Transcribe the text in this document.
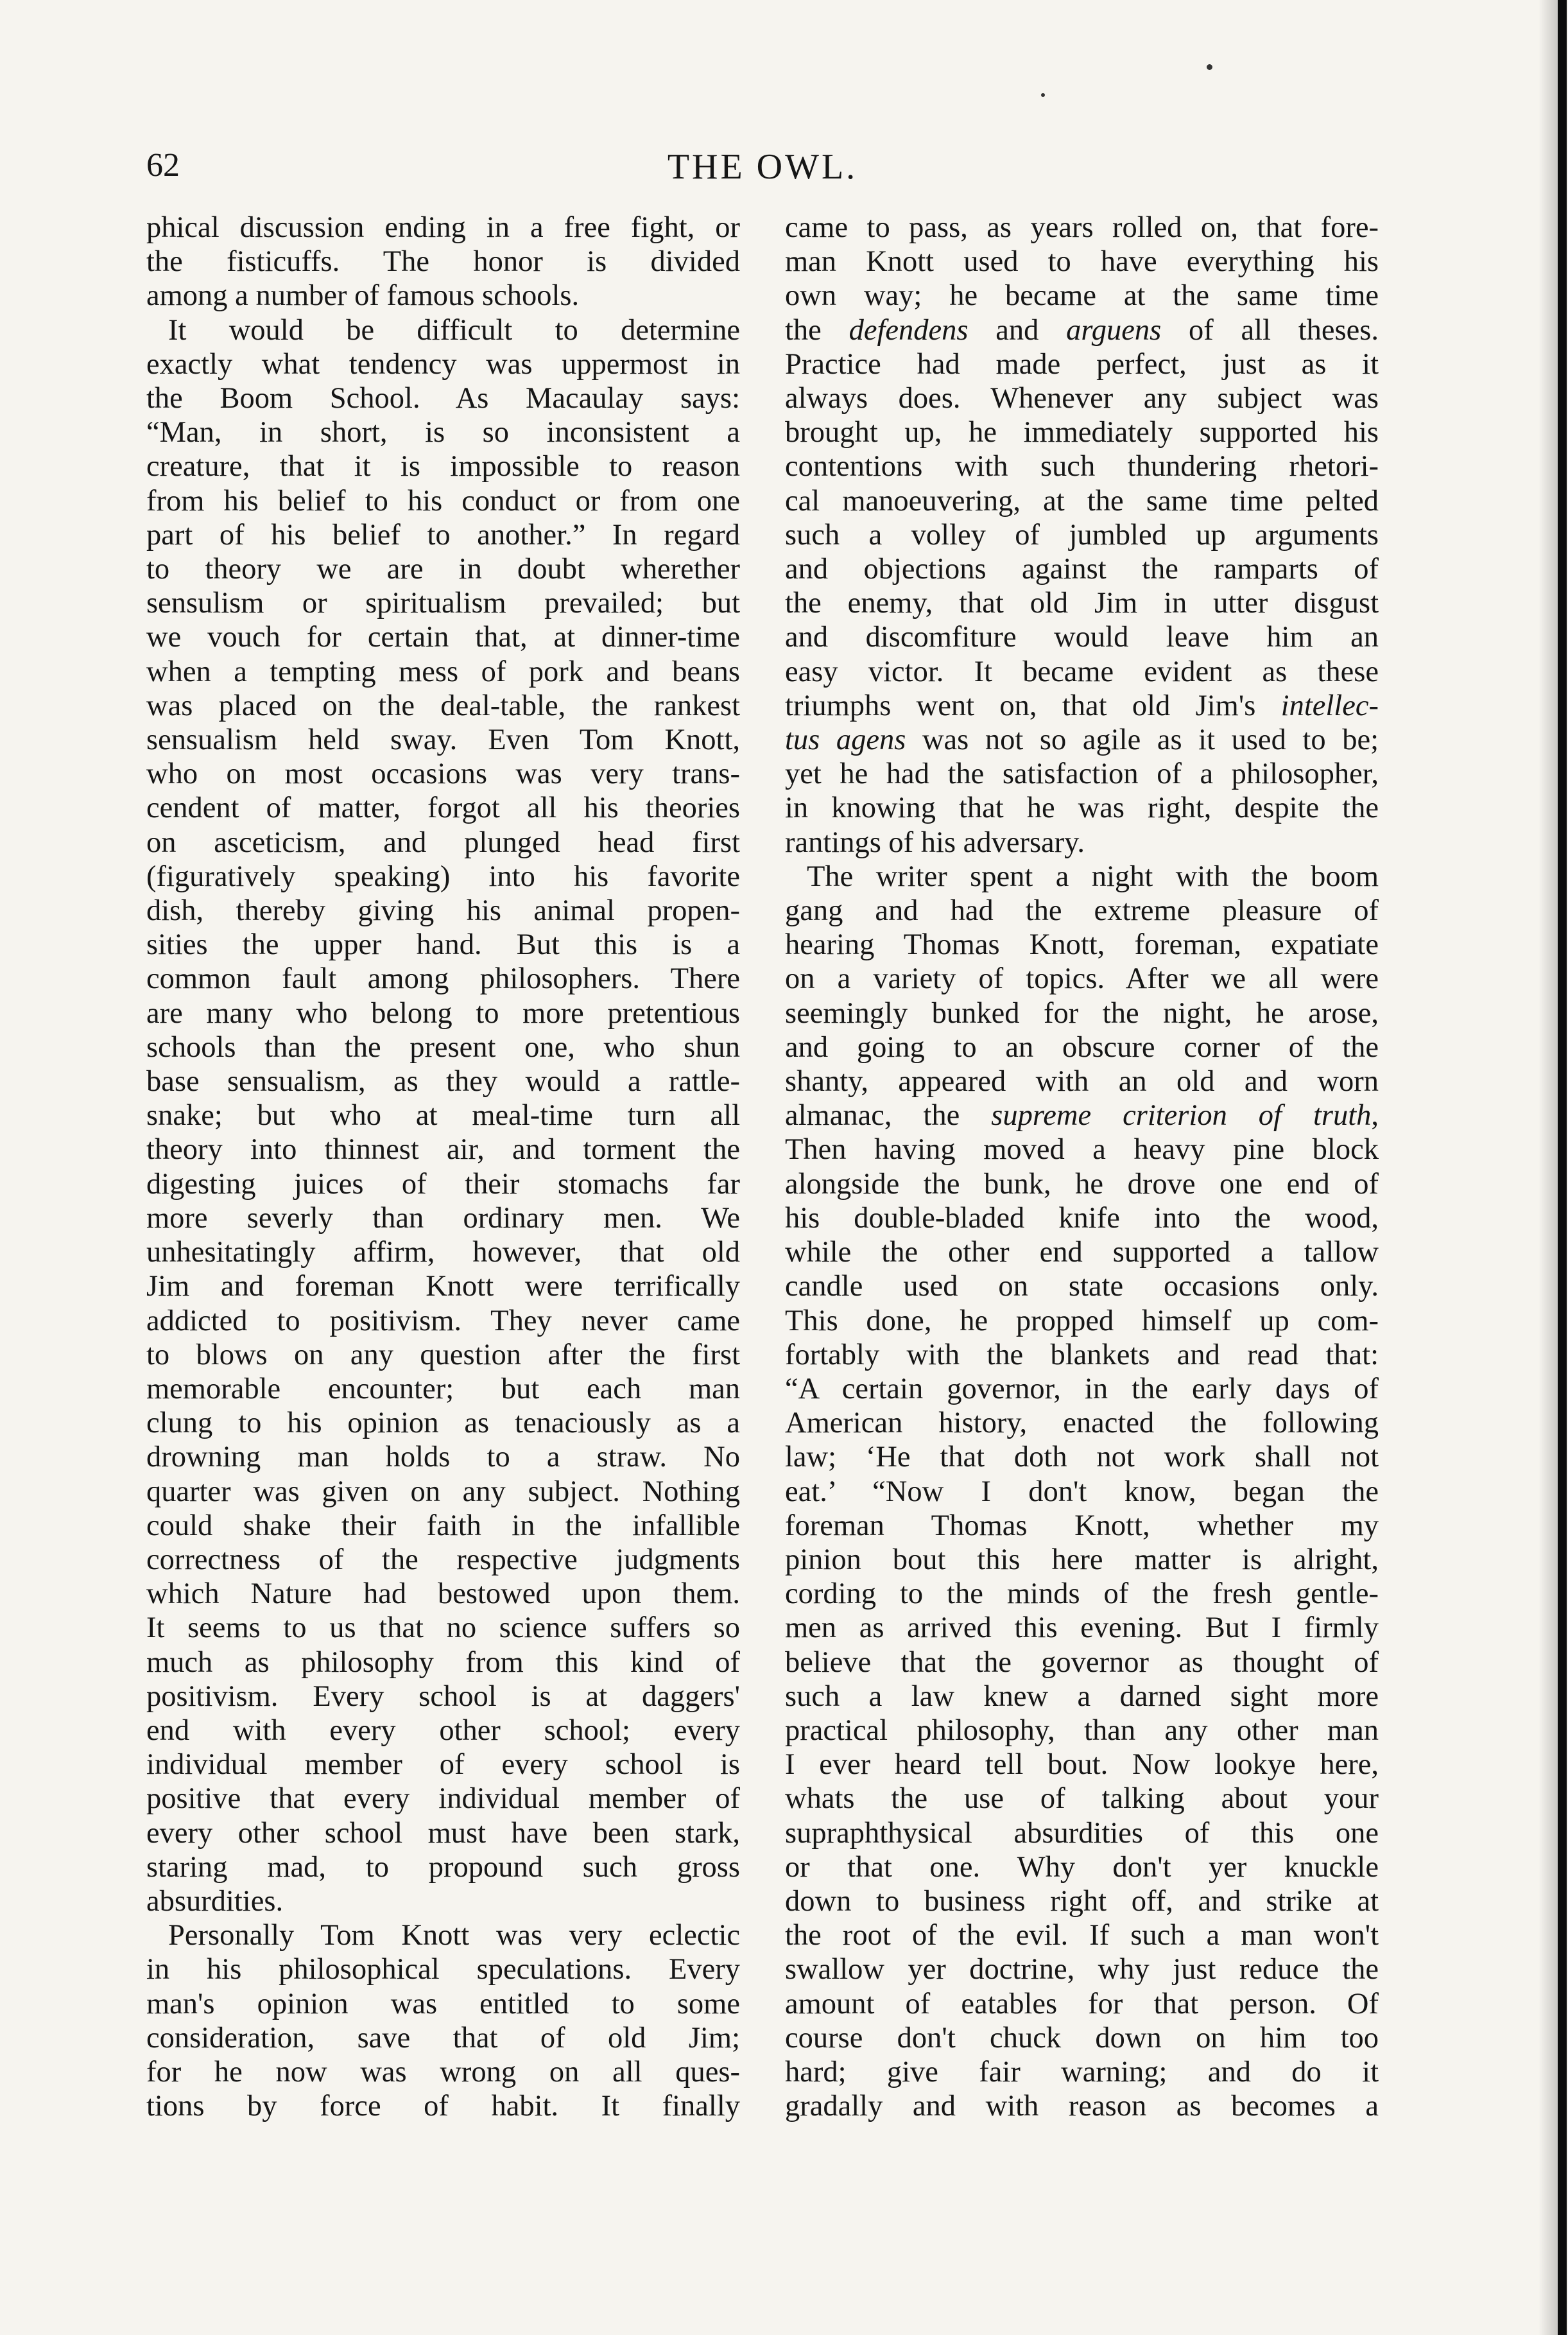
62	THE OWL.

phical discussion ending in a free fight, or

the fisticuffs. The honor is divided

among a number of famous schools.

It would be difficult to determine

exactly what tendency was uppermost in

the Boom School. As Macaulay says:

“Man, in short, is so inconsistent a

creature, that it is impossible to reason

from his belief to his conduct or from one

part of his belief to another.” In regard

to theory we are in doubt wherether

sensulism or spiritualism prevailed; but

we vouch for certain that, at dinner-time

when a tempting mess of pork and beans

was placed on the deal-table, the rankest

sensualism held sway. Even Tom Knott,

who on most occasions was very trans-

cendent of matter, forgot all his theories

on asceticism, and plunged head first

(figuratively speaking) into his favorite

dish, thereby giving his animal propen-

sities the upper hand. But this is a

common fault among philosophers. There

are many who belong to more pretentious

schools than the present one, who shun

base sensualism, as they would a rattle-

snake; but who at meal-time turn all

theory into thinnest air, and torment the

digesting juices of their stomachs far

more severly than ordinary men. We

unhesitatingly affirm, however, that old

Jim and foreman Knott were terrifically

addicted to positivism. They never came

to blows on any question after the first

memorable encounter; but each man

clung to his opinion as tenaciously as a

drowning man holds to a straw. No

quarter was given on any subject. Nothing

could shake their faith in the infallible

correctness of the respective judgments

which Nature had bestowed upon them.

It seems to us that no science suffers so

much as philosophy from this kind of

positivism. Every school is at daggers'

end with every other school; every

individual member of every school is

positive that every individual member of

every other school must have been stark,

staring mad, to propound such gross

absurdities.

Personally Tom Knott was very eclectic

in his philosophical speculations. Every

man's opinion was entitled to some

consideration, save that of old Jim;

for he now was wrong on all ques-

tions by force of habit. It finally

came to pass, as years rolled on, that fore-

man Knott used to have everything his

own way; he became at the same time

the defendens and arguens of all theses.

Practice had made perfect, just as it

always does. Whenever any subject was

brought up, he immediately supported his

contentions with such thundering rhetori-

cal manoeuvering, at the same time pelted

such a volley of jumbled up arguments

and objections against the ramparts of

the enemy, that old Jim in utter disgust

and discomfiture would leave him an

easy victor. It became evident as these

triumphs went on, that old Jim's intellec-

tus agens was not so agile as it used to be;

yet he had the satisfaction of a philosopher,

in knowing that he was right, despite the

rantings of his adversary.

The writer spent a night with the boom

gang and had the extreme pleasure of

hearing Thomas Knott, foreman, expatiate

on a variety of topics. After we all were

seemingly bunked for the night, he arose,

and going to an obscure corner of the

shanty, appeared with an old and worn

almanac, the supreme criterion of truth,

Then having moved a heavy pine block

alongside the bunk, he drove one end of

his double-bladed knife into the wood,

while the other end supported a tallow

candle used on state occasions only.

This done, he propped himself up com-

fortably with the blankets and read that:

“A certain governor, in the early days of

American history, enacted the following

law; ‘He that doth not work shall not

eat.’ “Now I don't know, began the

foreman Thomas Knott, whether my

pinion bout this here matter is alright,

cording to the minds of the fresh gentle-

men as arrived this evening. But I firmly

believe that the governor as thought of

such a law knew a darned sight more

practical philosophy, than any other man

I ever heard tell bout. Now lookye here,

whats the use of talking about your

supraphthysical absurdities of this one

or that one. Why don't yer knuckle

down to business right off, and strike at

the root of the evil. If such a man won't

swallow yer doctrine, why just reduce the

amount of eatables for that person. Of

course don't chuck down on him too

hard; give fair warning; and do it

gradally and with reason as becomes a
